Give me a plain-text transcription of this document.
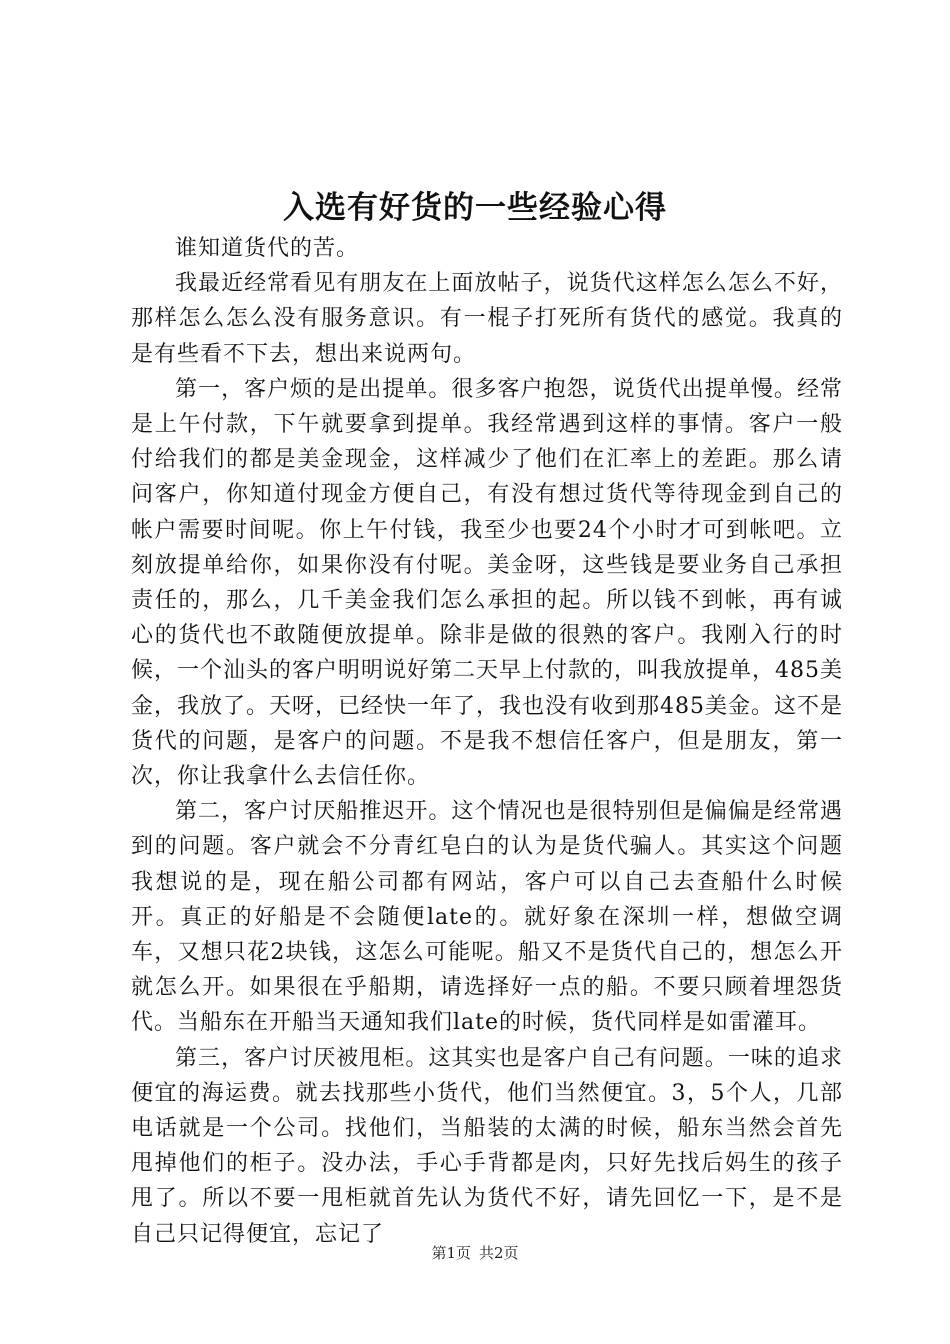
入选有好货的一些经验心得

谁知道货代的苦。

我最近经常看见有朋友在上面放帖子，说货代这样怎么怎么不好，那样怎么怎么没有服务意识。有一棍子打死所有货代的感觉。我真的是有些看不下去，想出来说两句。

第一，客户烦的是出提单。很多客户抱怨，说货代出提单慢。经常是上午付款，下午就要拿到提单。我经常遇到这样的事情。客户一般付给我们的都是美金现金，这样减少了他们在汇率上的差距。那么请问客户，你知道付现金方便自己，有没有想过货代等待现金到自己的帐户需要时间呢。你上午付钱，我至少也要24个小时才可到帐吧。立刻放提单给你，如果你没有付呢。美金呀，这些钱是要业务自己承担责任的，那么，几千美金我们怎么承担的起。所以钱不到帐，再有诚心的货代也不敢随便放提单。除非是做的很熟的客户。我刚入行的时候，一个汕头的客户明明说好第二天早上付款的，叫我放提单，485美金，我放了。天呀，已经快一年了，我也没有收到那485美金。这不是货代的问题，是客户的问题。不是我不想信任客户，但是朋友，第一次，你让我拿什么去信任你。

第二，客户讨厌船推迟开。这个情况也是很特别但是偏偏是经常遇到的问题。客户就会不分青红皂白的认为是货代骗人。其实这个问题我想说的是，现在船公司都有网站，客户可以自己去查船什么时候开。真正的好船是不会随便late的。就好象在深圳一样，想做空调车，又想只花2块钱，这怎么可能呢。船又不是货代自己的，想怎么开就怎么开。如果很在乎船期，请选择好一点的船。不要只顾着埋怨货代。当船东在开船当天通知我们late的时候，货代同样是如雷灌耳。

第三，客户讨厌被甩柜。这其实也是客户自己有问题。一味的追求便宜的海运费。就去找那些小货代，他们当然便宜。3，5个人，几部电话就是一个公司。找他们，当船装的太满的时候，船东当然会首先甩掉他们的柜子。没办法，手心手背都是肉，只好先找后妈生的孩子甩了。所以不要一甩柜就首先认为货代不好，请先回忆一下，是不是自己只记得便宜，忘记了

第1页 共2页
